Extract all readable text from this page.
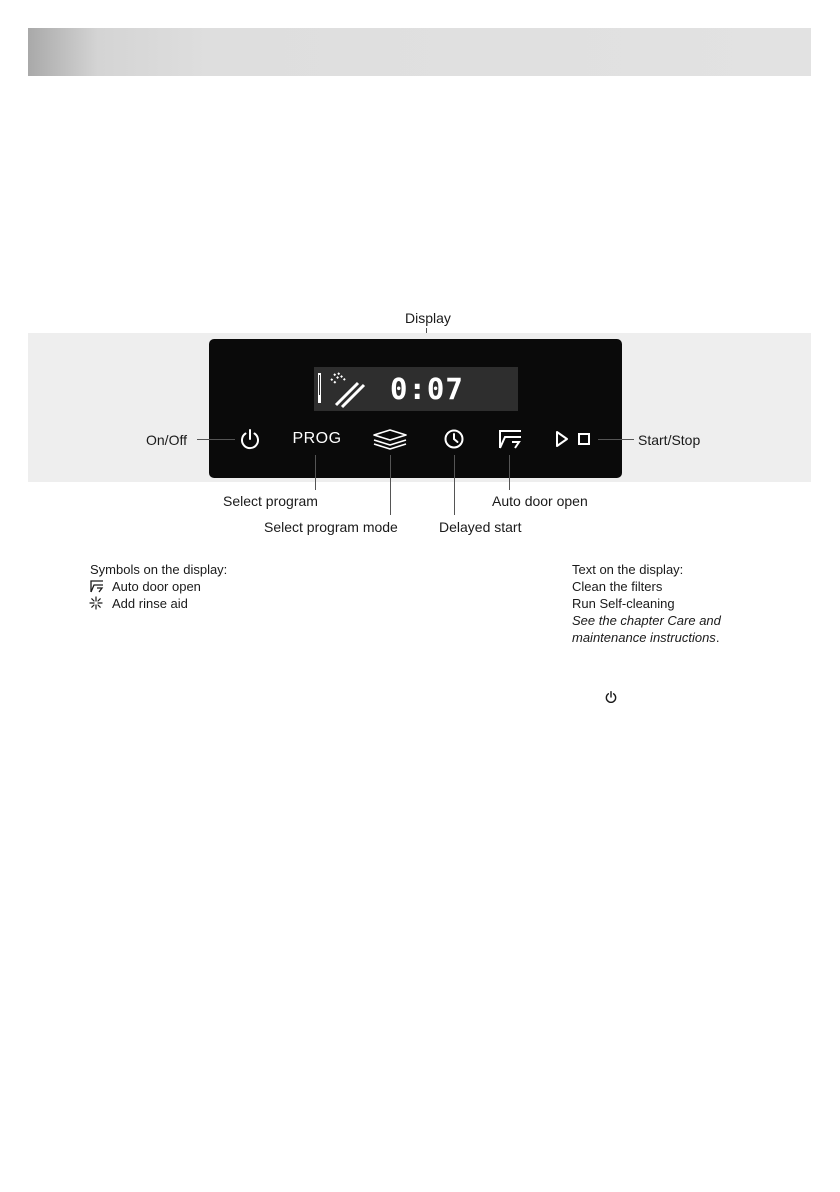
Display
0:07
On/Off	PROG	Start/Stop
Select program	Auto door open
Select program mode	Delayed start
Symbols on the display:
Auto door open
Add rinse aid
Text on the display:
Clean the filters
Run Self-cleaning
See the chapter Care and
maintenance instructions.
